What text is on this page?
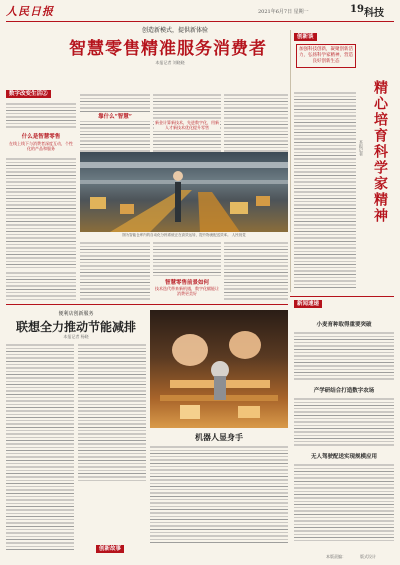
人民日报	2021年6月7日 星期一	19 科技
创造新模式，提供新体验
智慧零售精准服务消费者
本报记者 刘晓晓
数字改变生活②
什么是智慧零售
在线上线下与消费者深度互动，个性化的产品和服务
靠什么“智慧”
新金计算新技术，先进数字化，用新人才新技术优化提升零售
图为智能仓库内的自动化分拣系统正在高效运转，提升物流配送效率。 人民视觉
智慧零售前景如何
技术迭代带来新机遇，数字化赋能让消费更美好
创新谈
加强科技创新，凝聚创新活力，弘扬科学家精神，营造良好创新生态
精心培育科学家精神
本报记者
便利店创新服务
联想全力推动节能减排
本报记者 杨晓
创新故事
机器人显身手
新闻速递
小麦育种取得重要突破
产学研结合打造数字农场
无人驾驶配送实现规模应用
本版责编：	版式设计
